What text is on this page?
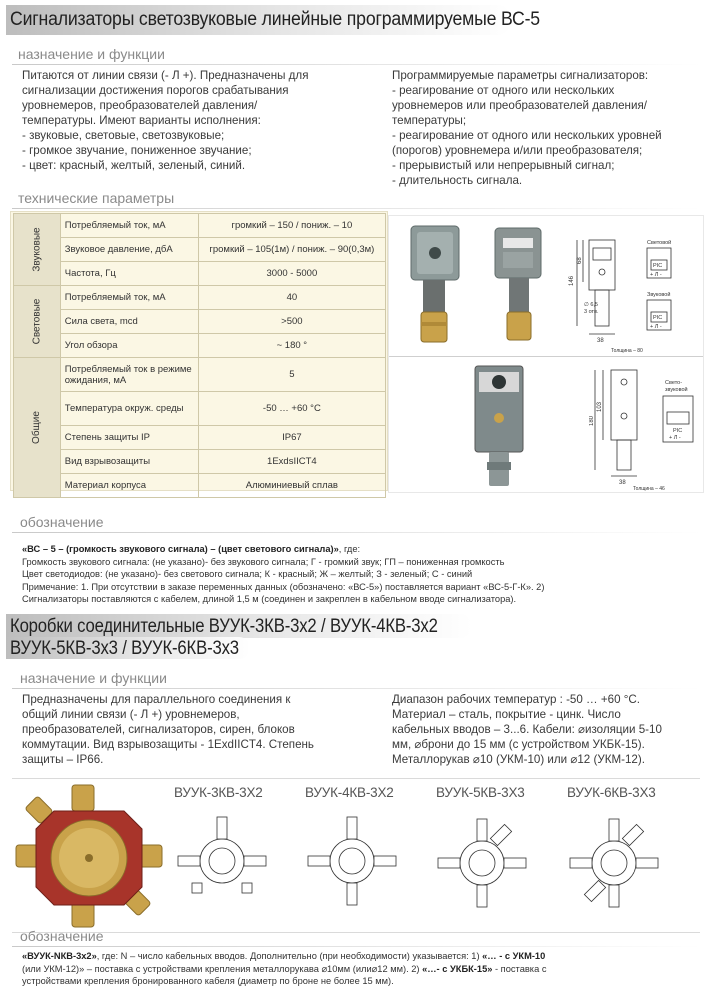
Сигнализаторы светозвуковые линейные программируемые ВС-5
назначение и функции
Питаются от линии связи (- Л +). Предназначены для
сигнализации достижения порогов срабатывания
уровнемеров, преобразователей давления/
температуры. Имеют варианты исполнения:
- звуковые, световые, светозвуковые;
- громкое звучание, пониженное звучание;
- цвет: красный, желтый, зеленый, синий.
Программируемые параметры сигнализаторов:
- реагирование от одного или нескольких
уровнемеров или преобразователей давления/
температуры;
- реагирование от одного или нескольких уровней
(порогов) уровнемера и/или преобразователя;
- прерывистый или непрерывный сигнал;
- длительность сигнала.
технические параметры
Звуковые	Потребляемый ток, мА	громкий – 150 / пониж. – 10
	Звуковое давление, дбА	громкий – 105(1м) / пониж. – 90(0,3м)
	Частота, Гц	3000 - 5000
Световые	Потребляемый ток, мА	40
	Сила света, mcd	>500
	Угол обзора	~ 180 °
Общие	Потребляемый ток в режиме ожидания, мА	5
	Температура окруж. среды	-50 … +60 °С
	Степень защиты IP	IP67
	Вид взрывозащиты	1ExdsIICT4
	Материал корпуса	Алюминиевый сплав
146
68
∅ 6,5
3 отв.
38
Толщина – 80
Световой
PIC
+ Л -
Звуковой
PIC
+ Л -
180
103
38
Толщина – 46
Свето-
звуковой
PIC
+ Л -
обозначение
«ВС – 5 – (громкость звукового сигнала) – (цвет светового сигнала)», где:
Громкость звукового сигнала: (не указано)- без звукового сигнала; Г - громкий звук; ГП – пониженная громкость
Цвет светодиодов: (не указано)- без светового сигнала; К - красный; Ж – желтый; З - зеленый; С - синий
Примечание: 1. При отсутствии в заказе переменных данных (обозначено: «ВС-5») поставляется вариант «ВС-5-Г-К». 2)
Сигнализаторы поставляются с кабелем, длиной 1,5 м (соединен и закреплен в кабельном вводе сигнализатора).
Коробки соединительные ВУУК-3КВ-3х2 / ВУУК-4КВ-3х2
ВУУК-5КВ-3х3 / ВУУК-6КВ-3х3
назначение и функции
Предназначены для параллельного соединения к
общий линии связи (- Л +) уровнемеров,
преобразователей, сигнализаторов, сирен, блоков
коммутации. Вид взрывозащиты - 1ExdIICT4. Степень
защиты – IP66.
Диапазон рабочих температур : -50 … +60 °С.
Материал – сталь, покрытие - цинк. Число
кабельных вводов – 3...6. Кабели: ⌀изоляции 5-10
мм, ⌀брони до 15 мм (с устройством УКБК-15).
Металлорукав ⌀10 (УКМ-10) или ⌀12 (УКМ-12).
ВУУК-3КВ-3Х2	ВУУК-4КВ-3Х2	ВУУК-5КВ-3Х3	ВУУК-6КВ-3Х3
обозначение
«ВУУК-NКВ-3х2», где: N – число кабельных вводов. Дополнительно (при необходимости) указывается: 1) «… - с УКМ-10
(или УКМ-12)» – поставка с устройствами крепления металлорукава ⌀10мм (или⌀12 мм). 2) «…- с УКБК-15» - поставка с
устройствами крепления бронированного кабеля (диаметр по броне не более 15 мм).
